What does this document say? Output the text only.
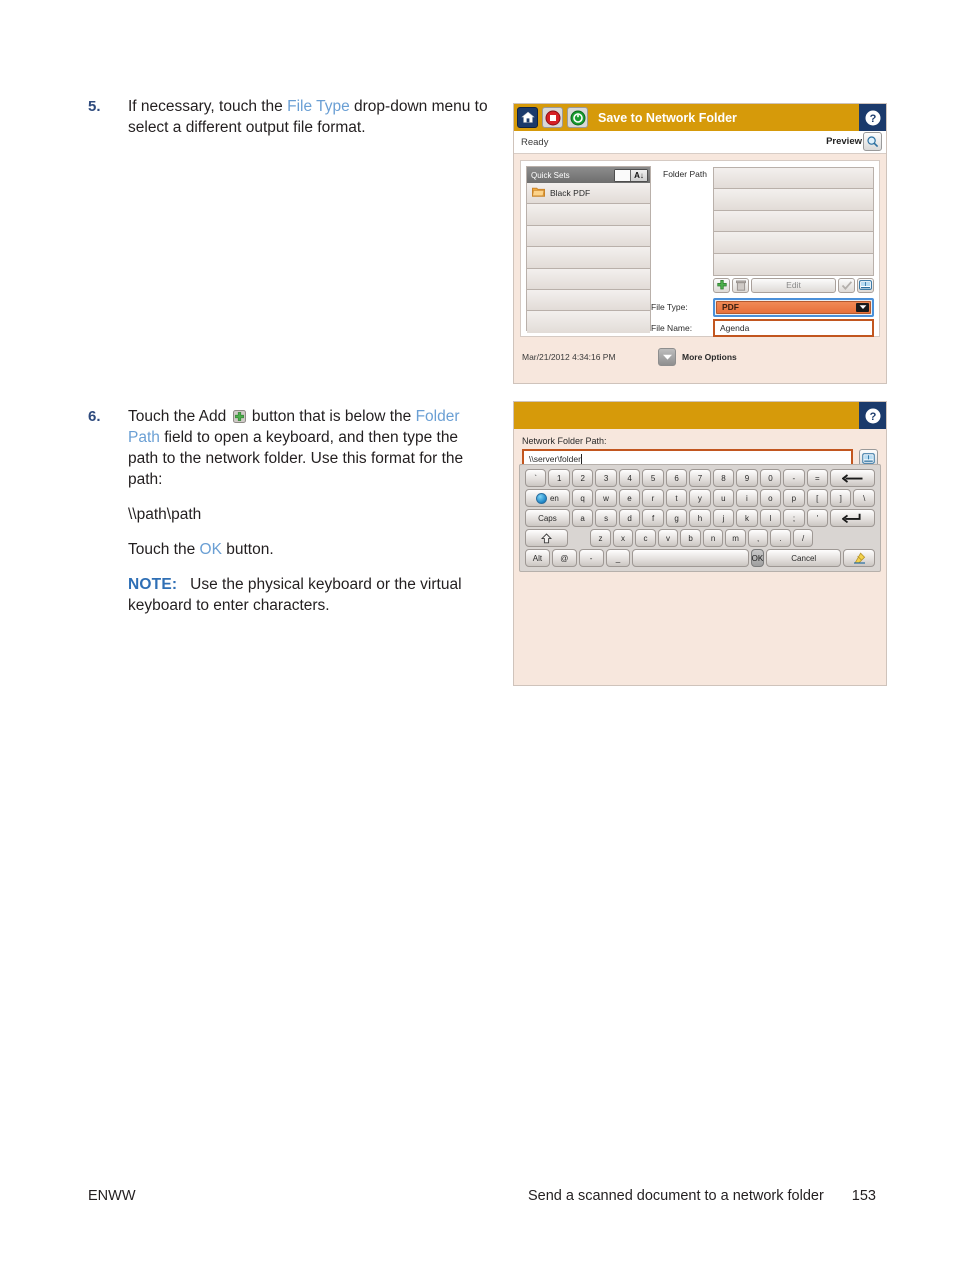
5.	If necessary, touch the File Type drop-down menu to select a different output file format.

6.	Touch the Add  button that is below the Folder Path field to open a keyboard, and then type the path to the network folder. Use this format for the path:

\\path\path

Touch the OK button.

NOTE: Use the physical keyboard or the virtual keyboard to enter characters.

Save to Network Folder	?
Ready	Preview
Quick Sets	A↓
Black PDF
Folder Path
Edit
File Type:	PDF
File Name:	Agenda
Mar/21/2012 4:34:16 PM	More Options
?
Network Folder Path:
\\server\folder
`	1	2	3	4	5	6	7	8	9	0	-	=
en	q	w	e	r	t	y	u	i	o	p	[	]	\
Caps	a	s	d	f	g	h	j	k	l	;	'
z	x	c	v	b	n	m	,	.	/
Alt	@	-	_	OK	Cancel
ENWW	Send a scanned document to a network folder	153
